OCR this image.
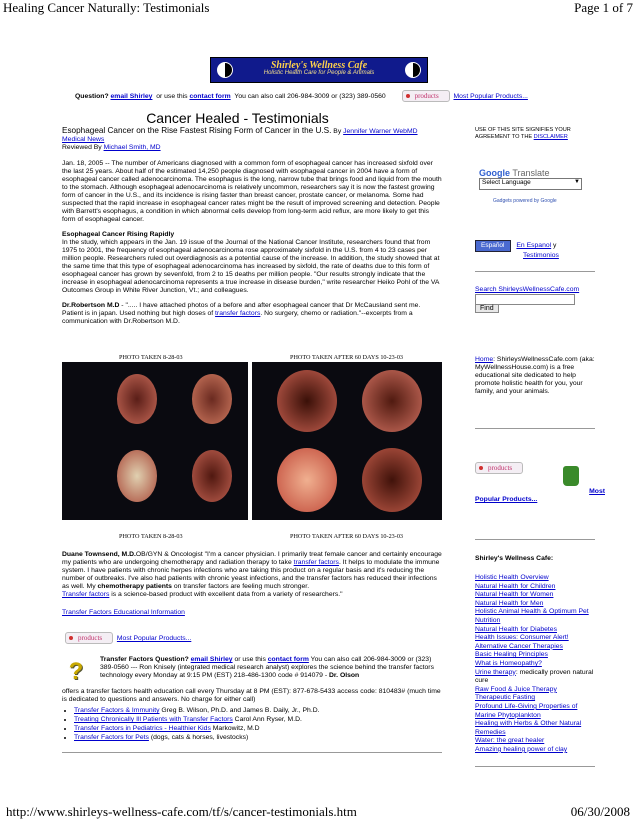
Healing Cancer Naturally: Testimonials	Page 1 of 7
Shirley's Wellness Cafe
Holistic Health Care for People & Animals
Question? email Shirley or use this contact form You can also call 206-984-3009 or (323) 389-0560	products Most Popular Products...
Cancer Healed - Testimonials

Esophageal Cancer on the Rise Fastest Rising Form of Cancer in the U.S. By Jennifer Warner WebMD Medical News
Reviewed By Michael Smith, MD

Jan. 18, 2005 -- The number of Americans diagnosed with a common form of esophageal cancer has increased sixfold over the last 25 years. About half of the estimated 14,250 people diagnosed with esophageal cancer in 2004 have a form of esophageal cancer called adenocarcinoma. The esophagus is the long, narrow tube that brings food and liquid from the mouth to the stomach. Although esophageal adenocarcinoma is relatively uncommon, researchers say it is now the fastest growing form of cancer in the U.S., and its incidence is rising faster than breast cancer, prostate cancer, or melanoma. Some had suspected that the rapid increase in esophageal cancer rates might be the result of improved screening and detection. People with Barrett's esophagus, a condition in which abnormal cells develop from long-term acid reflux, are more likely to get this form of esophageal cancer.

Esophageal Cancer Rising Rapidly
In the study, which appears in the Jan. 19 issue of the Journal of the National Cancer Institute, researchers found that from 1975 to 2001, the frequency of esophageal adenocarcinoma rose approximately sixfold in the U.S. from 4 to 23 cases per million people. Researchers ruled out overdiagnosis as a potential cause of the increase. In addition, the study showed that at the same time that this type of esophageal adenocarcinoma has increased by sixfold, the rate of deaths due to this form of esophageal cancer has grown by sevenfold, from 2 to 15 deaths per million people. "Our results strongly indicate that the increase in esophageal adenocarcinoma represents a true increase in disease burden," write researcher Heiko Pohl of the VA Outcomes Group in White River Junction, Vt.; and colleagues.

Dr.Robertson M.D - "..... I have attached photos of a before and after esophageal cancer that Dr McCausland sent me. Patient is in japan. Used nothing but high doses of transfer factors. No surgery, chemo or radiation."--excerpts from a communication with Dr.Robertson M.D.

PHOTO TAKEN 8-28-03	PHOTO TAKEN AFTER 60 DAYS 10-23-03
PHOTO TAKEN 8-28-03	PHOTO TAKEN AFTER 60 DAYS 10-23-03

Duane Townsend, M.D.OB/GYN & Oncologist "I'm a cancer physician. I primarily treat female cancer and certainly encourage my patients who are undergoing chemotherapy and radiation therapy to take transfer factors. It helps to modulate the immune system. I have patients with chronic herpes infections who are taking this product on a regular basis and it's reducing the number of outbreaks. I've also had patients with chronic yeast infections, and the transfer factors has reduced their infections as well. My chemotherapy patients on transfer factors are feeling much stronger.
Transfer factors is a science-based product with excellent data from a variety of researchers."

Transfer Factors Educational Information

products Most Popular Products...
?	Transfer Factors Question? email Shirley or use this contact form You can also call 206-984-3009 or (323) 389-0560 --- Ron Knisely (integrated medical research analyst) explores the science behind the transfer factors technology every Monday at 9:15 PM (EST) 218-486-1300 code # 914079 - Dr. Olson
offers a transfer factors health education call every Thursday at 8 PM (EST): 877-678-5433 access code: 810483# (much time is dedicated to questions and answers. No charge for either call)
• Transfer Factors & Immunity Greg B. Wilson, Ph.D. and James B. Daily, Jr., Ph.D.
• Treating Chronically Ill Patients with Transfer Factors Carol Ann Ryser, M.D.
• Transfer Factors in Pediatrics - Healthier Kids Markowitz, M.D
• Transfer Factors for Pets (dogs, cats & horses, livestocks)
USE OF THIS SITE SIGNIFIES YOUR AGREEMENT TO THE DISCLAIMER
Google Translate
Select Language ▼
Gadgets powered by Google
Español En Espanol y
Testimonios
Search ShirleysWellnessCafe.com
Find
Home: ShirleysWellnessCafe.com (aka: MyWellnessHouse.com) is a free educational site dedicated to help promote holistic health for you, your family, and your animals.
products
Most
Popular Products...
Shirley's Wellness Cafe:
Holistic Health Overview
Natural Health for Children
Natural Health for Women
Natural Health for Men
Holistic Animal Health & Optimum Pet Nutrition
Natural Health for Diabetes
Health Issues: Consumer Alert!
Alternative Cancer Therapies
Basic Healing Principles
What is Homeopathy?
Urine therapy: medically proven natural cure
Raw Food & Juice Therapy
Therapeutic Fasting
Profound Life-Giving Properties of Marine Phytoplankton
Healing with Herbs & Other Natural Remedies
Water: the great healer
Amazing healing power of clay
http://www.shirleys-wellness-cafe.com/tf/s/cancer-testimonials.htm	06/30/2008
